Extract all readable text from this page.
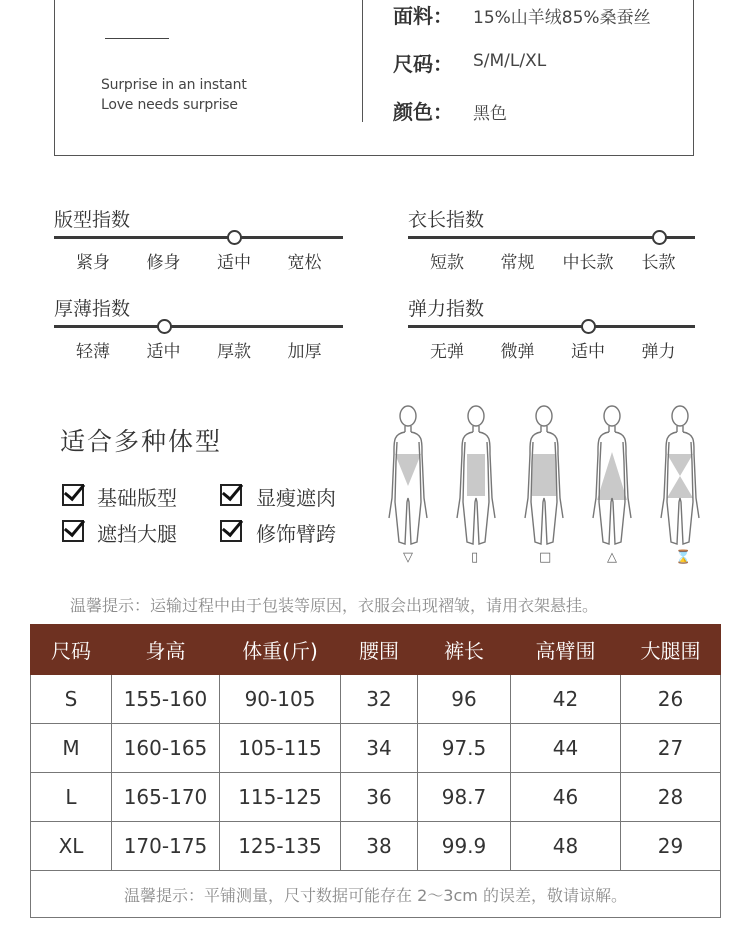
Surprise in an instant
Love needs surprise
面料： 15%山羊绒85%桑蚕丝
尺码： S/M/L/XL
颜色： 黑色
版型指数
紧身	修身	适中	宽松
衣长指数
短款	常规	中长款	长款
厚薄指数
轻薄	适中	厚款	加厚
弹力指数
无弹	微弹	适中	弹力
适合多种体型
基础版型	显瘦遮肉
遮挡大腿	修饰臂跨
▽	▯	□	△	⌛
温馨提示：运输过程中由于包装等原因，衣服会出现褶皱，请用衣架悬挂。
尺码	身高	体重(斤)	腰围	裤长	高臂围	大腿围
S	155-160	90-105	32	96	42	26
M	160-165	105-115	34	97.5	44	27
L	165-170	115-125	36	98.7	46	28
XL	170-175	125-135	38	99.9	48	29
温馨提示：平铺测量，尺寸数据可能存在 2～3cm 的误差，敬请谅解。						
